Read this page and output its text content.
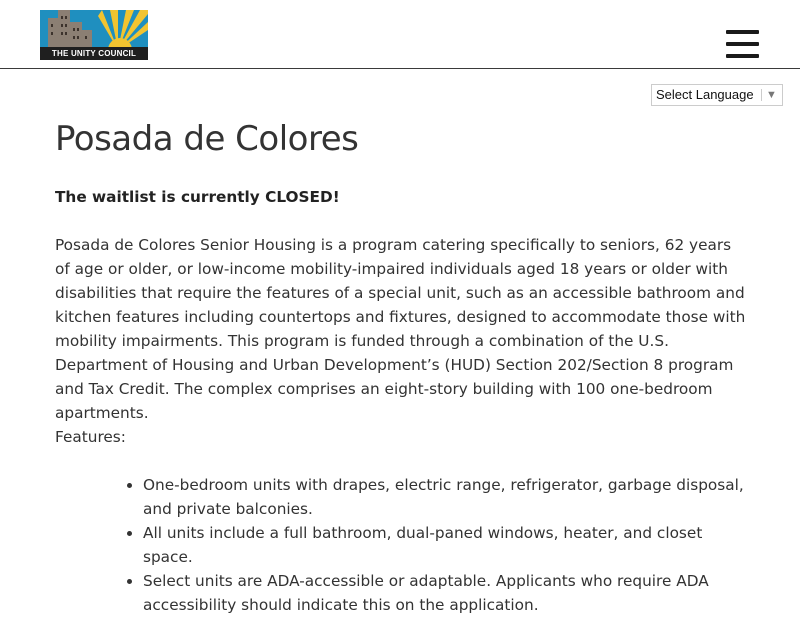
THE UNITY COUNCIL
Select Language ▼
Posada de Colores

The waitlist is currently CLOSED!

Posada de Colores Senior Housing is a program catering specifically to seniors, 62 years of age or older, or low-income mobility-impaired individuals aged 18 years or older with disabilities that require the features of a special unit, such as an accessible bathroom and kitchen features including countertops and fixtures, designed to accommodate those with mobility impairments. This program is funded through a combination of the U.S. Department of Housing and Urban Development’s (HUD) Section 202/Section 8 program and Tax Credit. The complex comprises an eight-story building with 100 one-bedroom apartments.

Features:

• One-bedroom units with drapes, electric range, refrigerator, garbage disposal, and private balconies.
• All units include a full bathroom, dual-paned windows, heater, and closet space.
• Select units are ADA-accessible or adaptable. Applicants who require ADA accessibility should indicate this on the application.
